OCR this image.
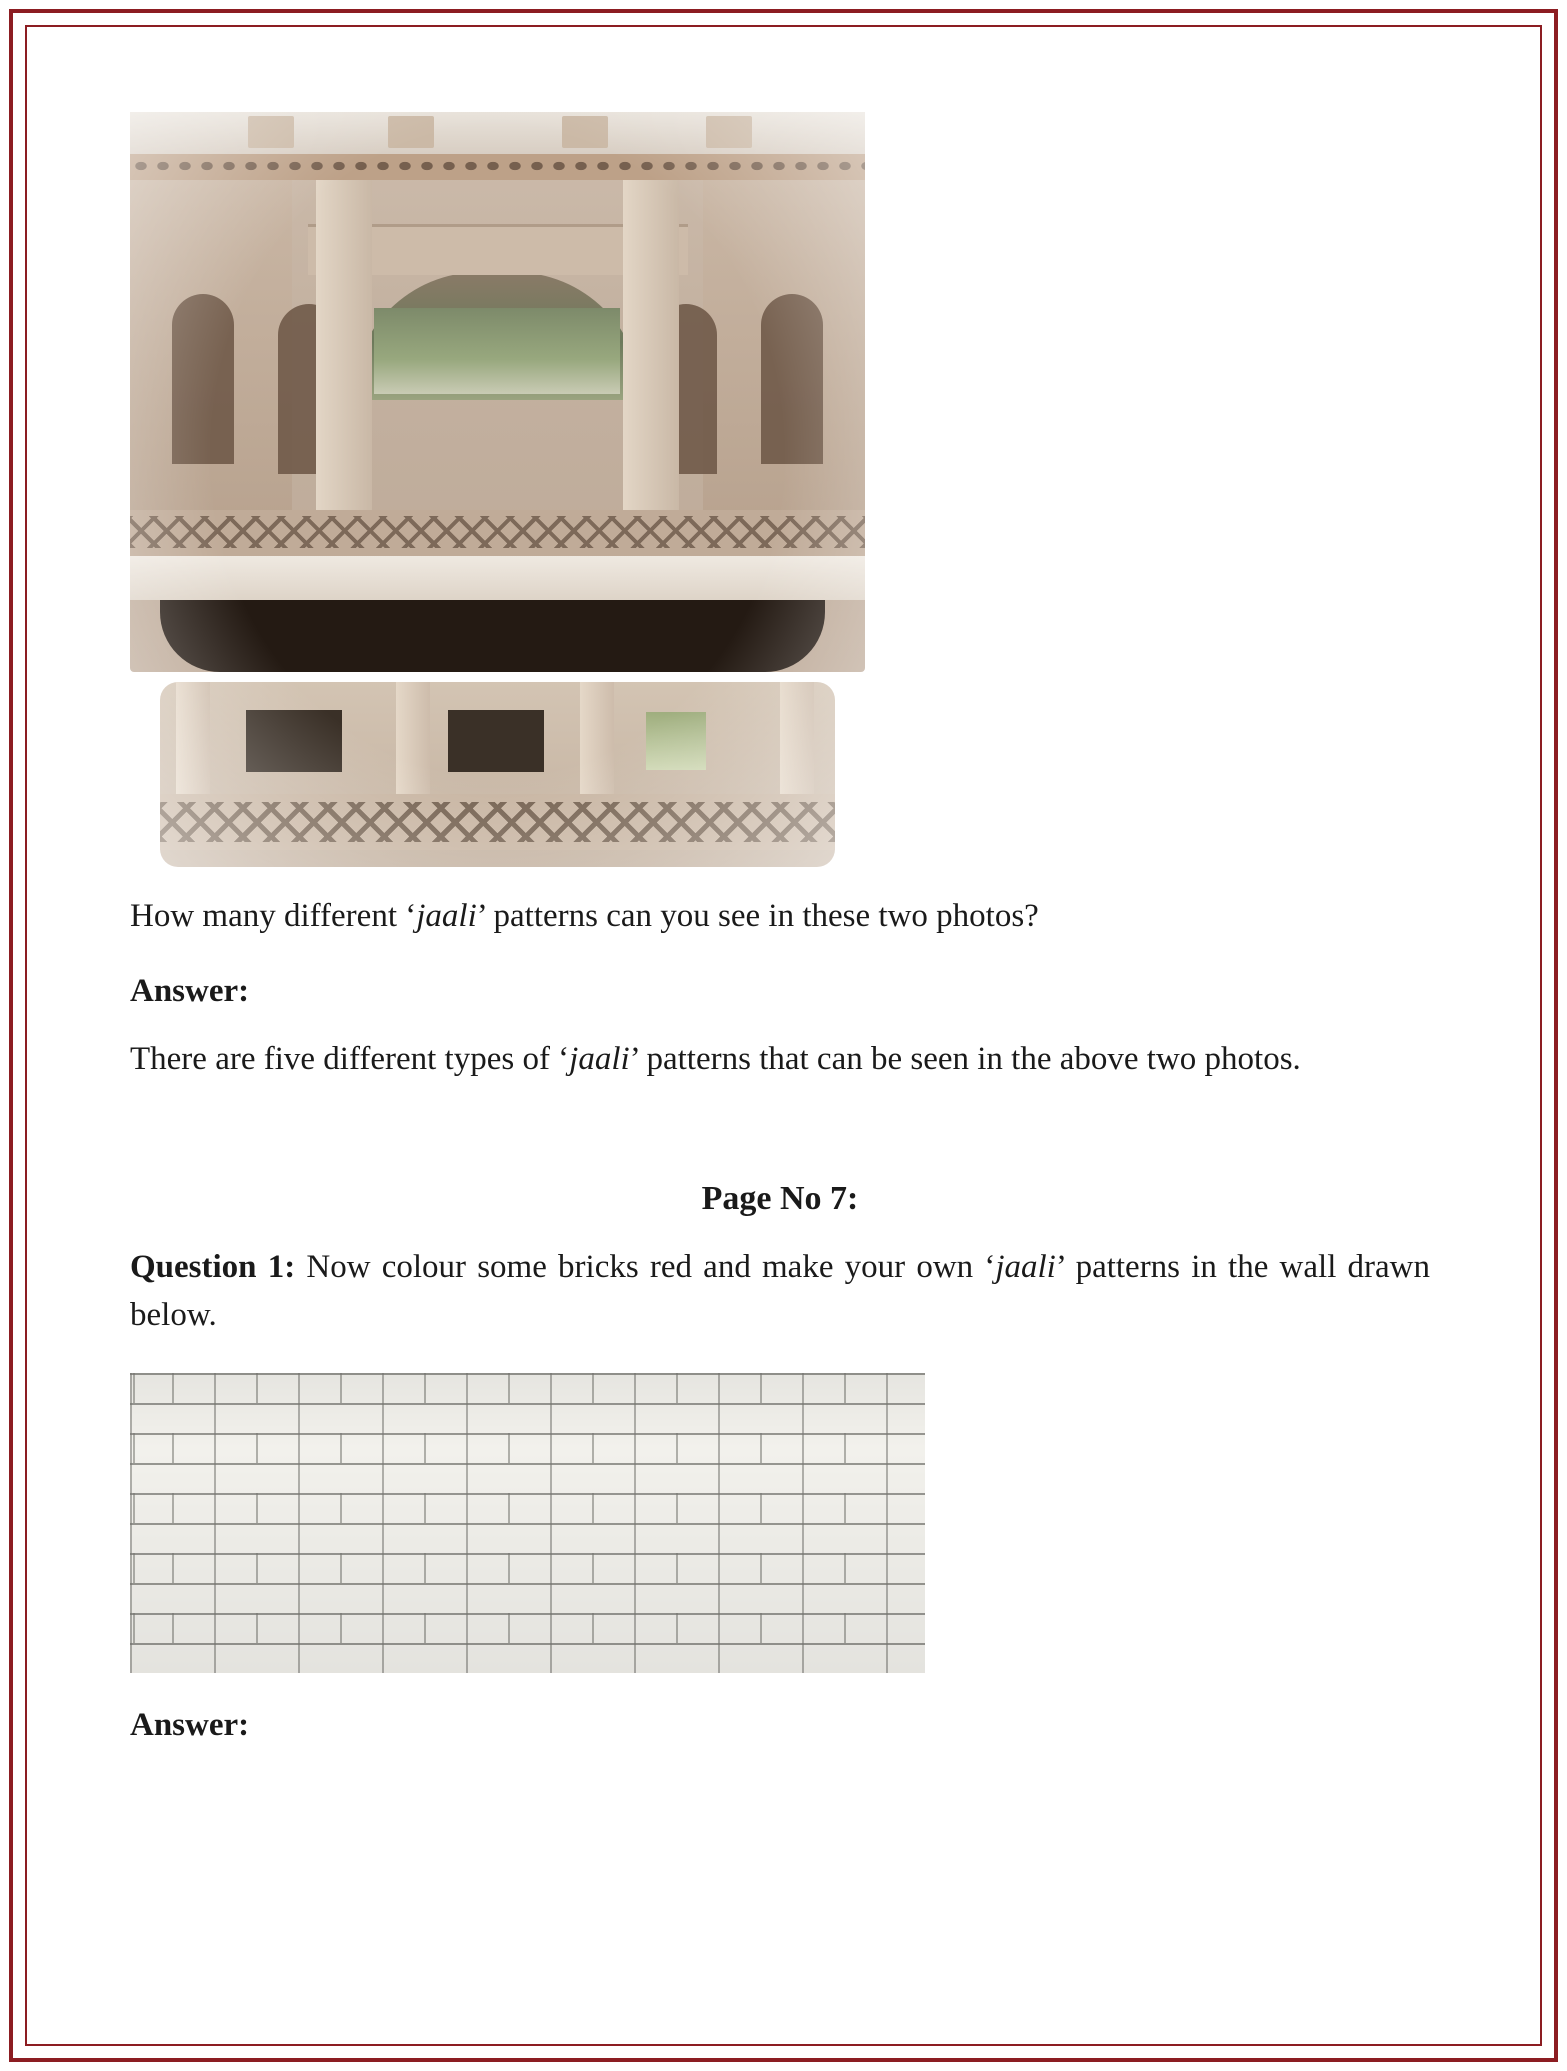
How many different ‘jaali’ patterns can you see in these two photos?

Answer:

There are five different types of ‘jaali’ patterns that can be seen in the above two photos.

Page No 7:

Question 1: Now colour some bricks red and make your own ‘jaali’ patterns in the wall drawn below.

Answer:
